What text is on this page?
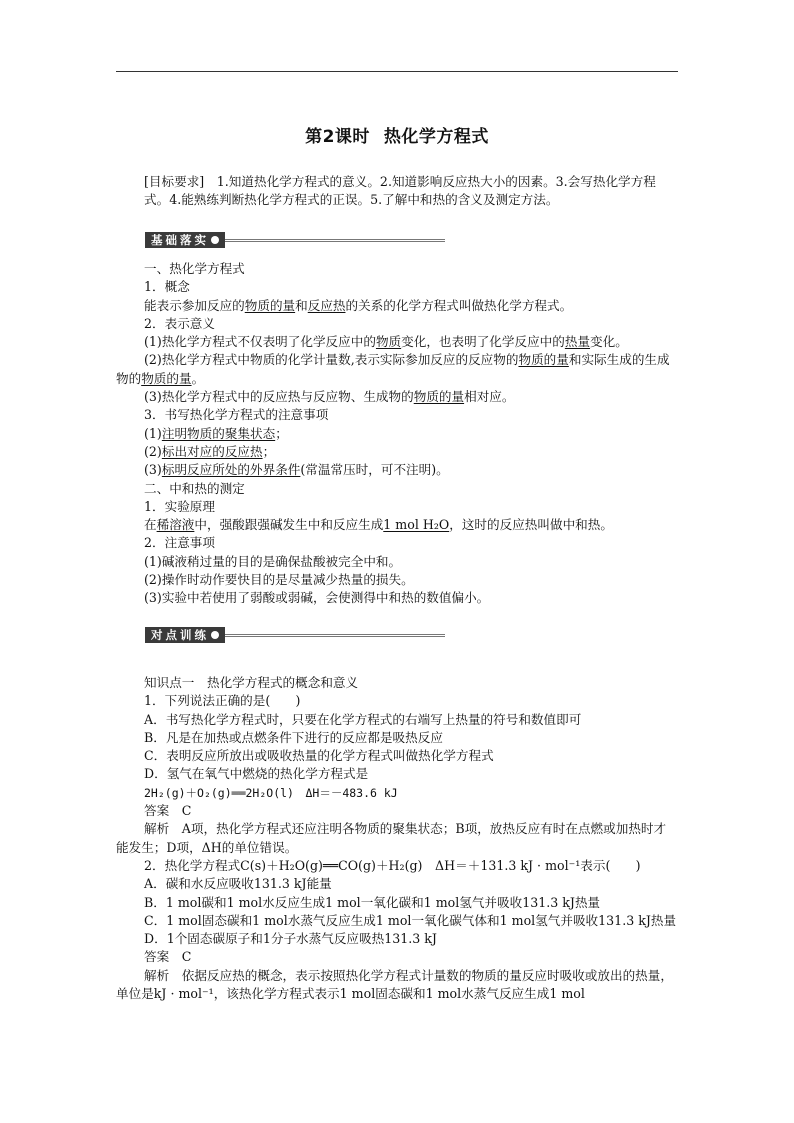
第2课时 热化学方程式

[目标要求]　1.知道热化学方程式的意义。2.知道影响反应热大小的因素。3.会写热化学方程式。4.能熟练判断热化学方程式的正误。5.了解中和热的含义及测定方法。

基础落实

一、热化学方程式

1．概念

能表示参加反应的物质的量和反应热的关系的化学方程式叫做热化学方程式。

2．表示意义

(1)热化学方程式不仅表明了化学反应中的物质变化，也表明了化学反应中的热量变化。

(2)热化学方程式中物质的化学计量数,表示实际参加反应的反应物的物质的量和实际生成的生成物的物质的量。

(3)热化学方程式中的反应热与反应物、生成物的物质的量相对应。

3．书写热化学方程式的注意事项

(1)注明物质的聚集状态；

(2)标出对应的反应热；

(3)标明反应所处的外界条件(常温常压时，可不注明)。

二、中和热的测定

1．实验原理

在稀溶液中，强酸跟强碱发生中和反应生成1 mol H₂O，这时的反应热叫做中和热。

2．注意事项

(1)碱液稍过量的目的是确保盐酸被完全中和。

(2)操作时动作要快目的是尽量减少热量的损失。

(3)实验中若使用了弱酸或弱碱，会使测得中和热的数值偏小。

对点训练

知识点一　热化学方程式的概念和意义

1．下列说法正确的是(　　)

A．书写热化学方程式时，只要在化学方程式的右端写上热量的符号和数值即可

B．凡是在加热或点燃条件下进行的反应都是吸热反应

C．表明反应所放出或吸收热量的化学方程式叫做热化学方程式

D．氢气在氧气中燃烧的热化学方程式是

2H₂(g)＋O₂(g)══2H₂O(l)　ΔH＝－483.6 kJ

答案　C

解析　A项，热化学方程式还应注明各物质的聚集状态；B项，放热反应有时在点燃或加热时才能发生；D项，ΔH的单位错误。

2．热化学方程式C(s)＋H₂O(g)══CO(g)＋H₂(g)　ΔH＝＋131.3 kJ · mol⁻¹表示(　　)

A．碳和水反应吸收131.3 kJ能量

B．1 mol碳和1 mol水反应生成1 mol一氧化碳和1 mol氢气并吸收131.3 kJ热量

C．1 mol固态碳和1 mol水蒸气反应生成1 mol一氧化碳气体和1 mol氢气并吸收131.3 kJ热量

D．1个固态碳原子和1分子水蒸气反应吸热131.3 kJ

答案　C

解析　依据反应热的概念，表示按照热化学方程式计量数的物质的量反应时吸收或放出的热量，单位是kJ · mol⁻¹，该热化学方程式表示1 mol固态碳和1 mol水蒸气反应生成1 mol
